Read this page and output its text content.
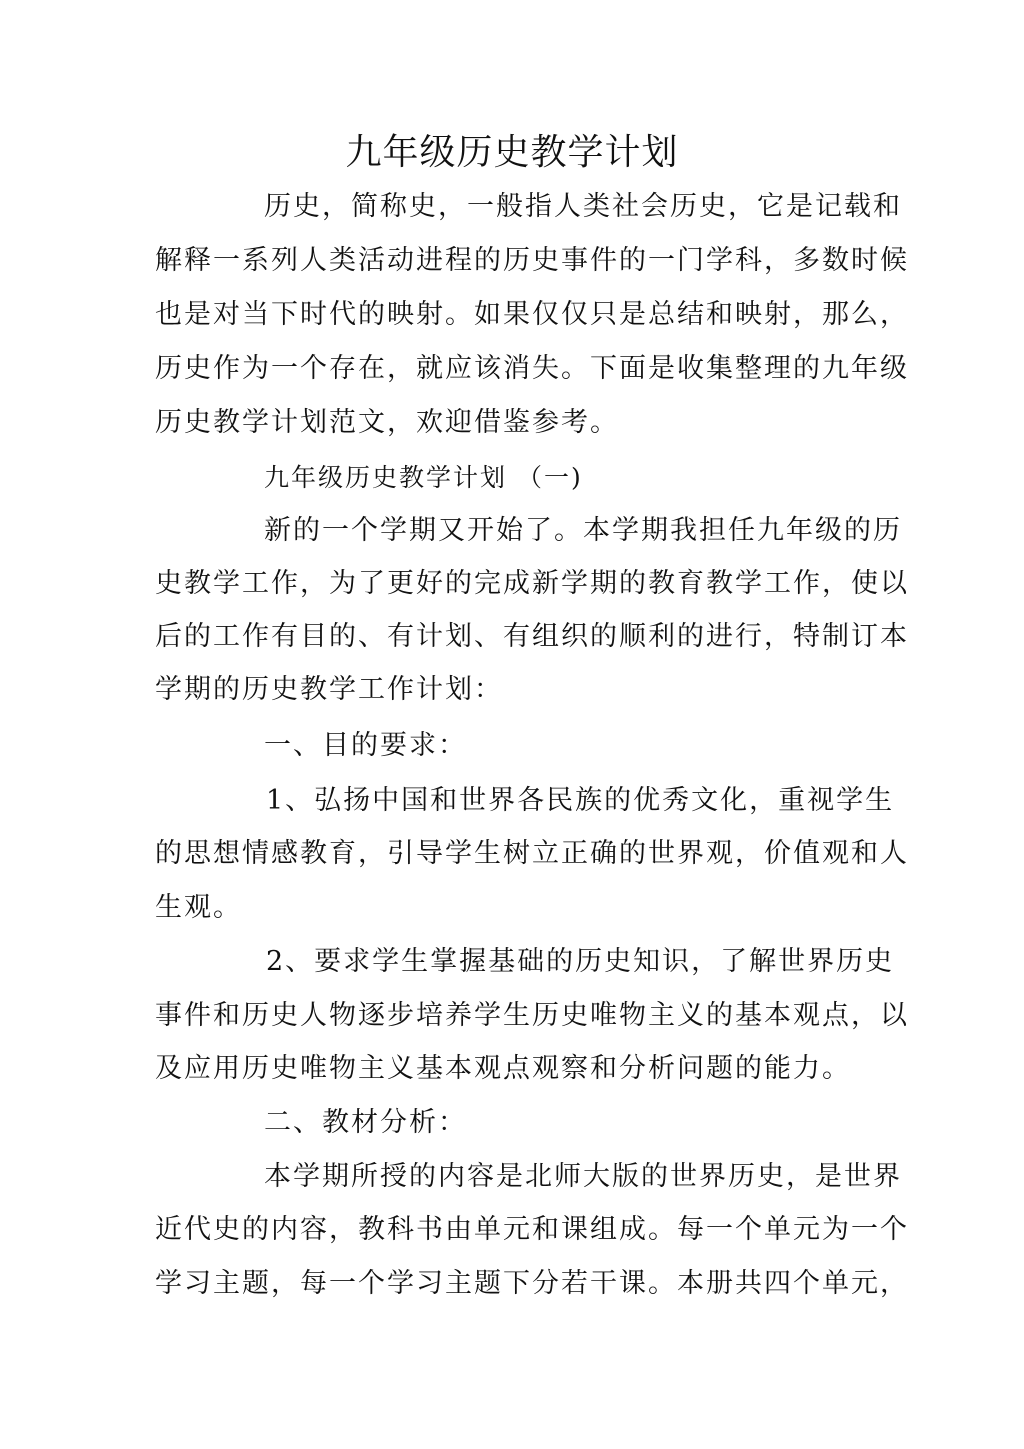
九年级历史教学计划
历史，简称史，一般指人类社会历史，它是记载和
解释一系列人类活动进程的历史事件的一门学科，多数时候
也是对当下时代的映射。如果仅仅只是总结和映射，那么，
历史作为一个存在，就应该消失。下面是收集整理的九年级
历史教学计划范文，欢迎借鉴参考。
九年级历史教学计划 （一)
新的一个学期又开始了。本学期我担任九年级的历
史教学工作，为了更好的完成新学期的教育教学工作，使以
后的工作有目的、有计划、有组织的顺利的进行，特制订本
学期的历史教学工作计划：
一、目的要求：
1、弘扬中国和世界各民族的优秀文化，重视学生
的思想情感教育，引导学生树立正确的世界观，价值观和人
生观。
2、要求学生掌握基础的历史知识，了解世界历史
事件和历史人物逐步培养学生历史唯物主义的基本观点，以
及应用历史唯物主义基本观点观察和分析问题的能力。
二、教材分析：
本学期所授的内容是北师大版的世界历史，是世界
近代史的内容，教科书由单元和课组成。每一个单元为一个
学习主题，每一个学习主题下分若干课。本册共四个单元，
